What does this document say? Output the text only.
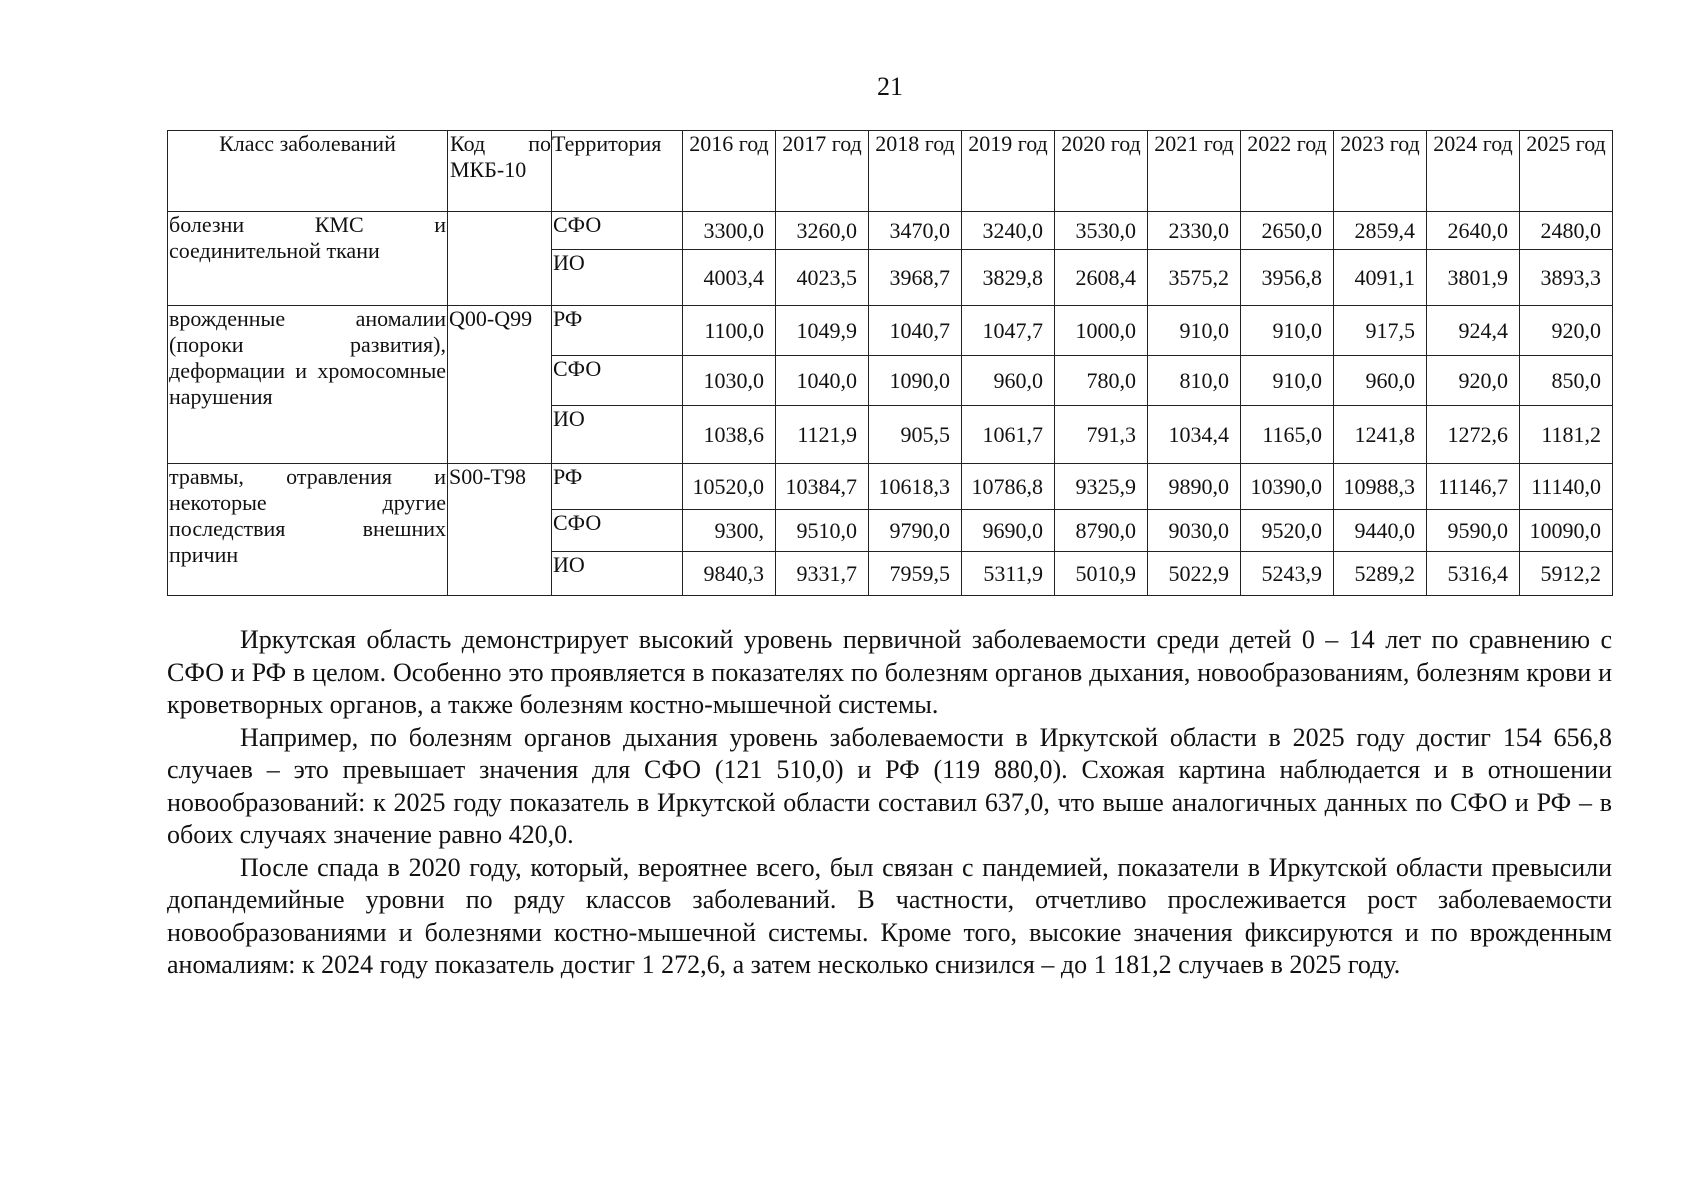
21
Класс заболеваний	Код по МКБ-10	Территория	2016 год	2017 год	2018 год	2019 год	2020 год	2021 год	2022 год	2023 год	2024 год	2025 год
болезни КМС и соединительной ткани		СФО	3300,0	3260,0	3470,0	3240,0	3530,0	2330,0	2650,0	2859,4	2640,0	2480,0
		ИО	4003,4	4023,5	3968,7	3829,8	2608,4	3575,2	3956,8	4091,1	3801,9	3893,3
врожденные аномалии (пороки развития), деформации и хромосомные нарушения	Q00-Q99	РФ	1100,0	1049,9	1040,7	1047,7	1000,0	910,0	910,0	917,5	924,4	920,0
		СФО	1030,0	1040,0	1090,0	960,0	780,0	810,0	910,0	960,0	920,0	850,0
		ИО	1038,6	1121,9	905,5	1061,7	791,3	1034,4	1165,0	1241,8	1272,6	1181,2
травмы, отравления и некоторые другие последствия внешних причин	S00-T98	РФ	10520,0	10384,7	10618,3	10786,8	9325,9	9890,0	10390,0	10988,3	11146,7	11140,0
		СФО	9300,	9510,0	9790,0	9690,0	8790,0	9030,0	9520,0	9440,0	9590,0	10090,0
		ИО	9840,3	9331,7	7959,5	5311,9	5010,9	5022,9	5243,9	5289,2	5316,4	5912,2

Иркутская область демонстрирует высокий уровень первичной заболеваемости среди детей 0 – 14 лет по сравнению с СФО и РФ в целом. Особенно это проявляется в показателях по болезням органов дыхания, новообразованиям, болезням крови и кроветворных органов, а также болезням костно-мышечной системы.

Например, по болезням органов дыхания уровень заболеваемости в Иркутской области в 2025 году достиг 154 656,8 случаев – это превышает значения для СФО (121 510,0) и РФ (119 880,0). Схожая картина наблюдается и в отношении новообразований: к 2025 году показатель в Иркутской области составил 637,0, что выше аналогичных данных по СФО и РФ – в обоих случаях значение равно 420,0.

После спада в 2020 году, который, вероятнее всего, был связан с пандемией, показатели в Иркутской области превысили допандемийные уровни по ряду классов заболеваний. В частности, отчетливо прослеживается рост заболеваемости новообразованиями и болезнями костно-мышечной системы. Кроме того, высокие значения фиксируются и по врожденным аномалиям: к 2024 году показатель достиг 1 272,6, а затем несколько снизился – до 1 181,2 случаев в 2025 году.
